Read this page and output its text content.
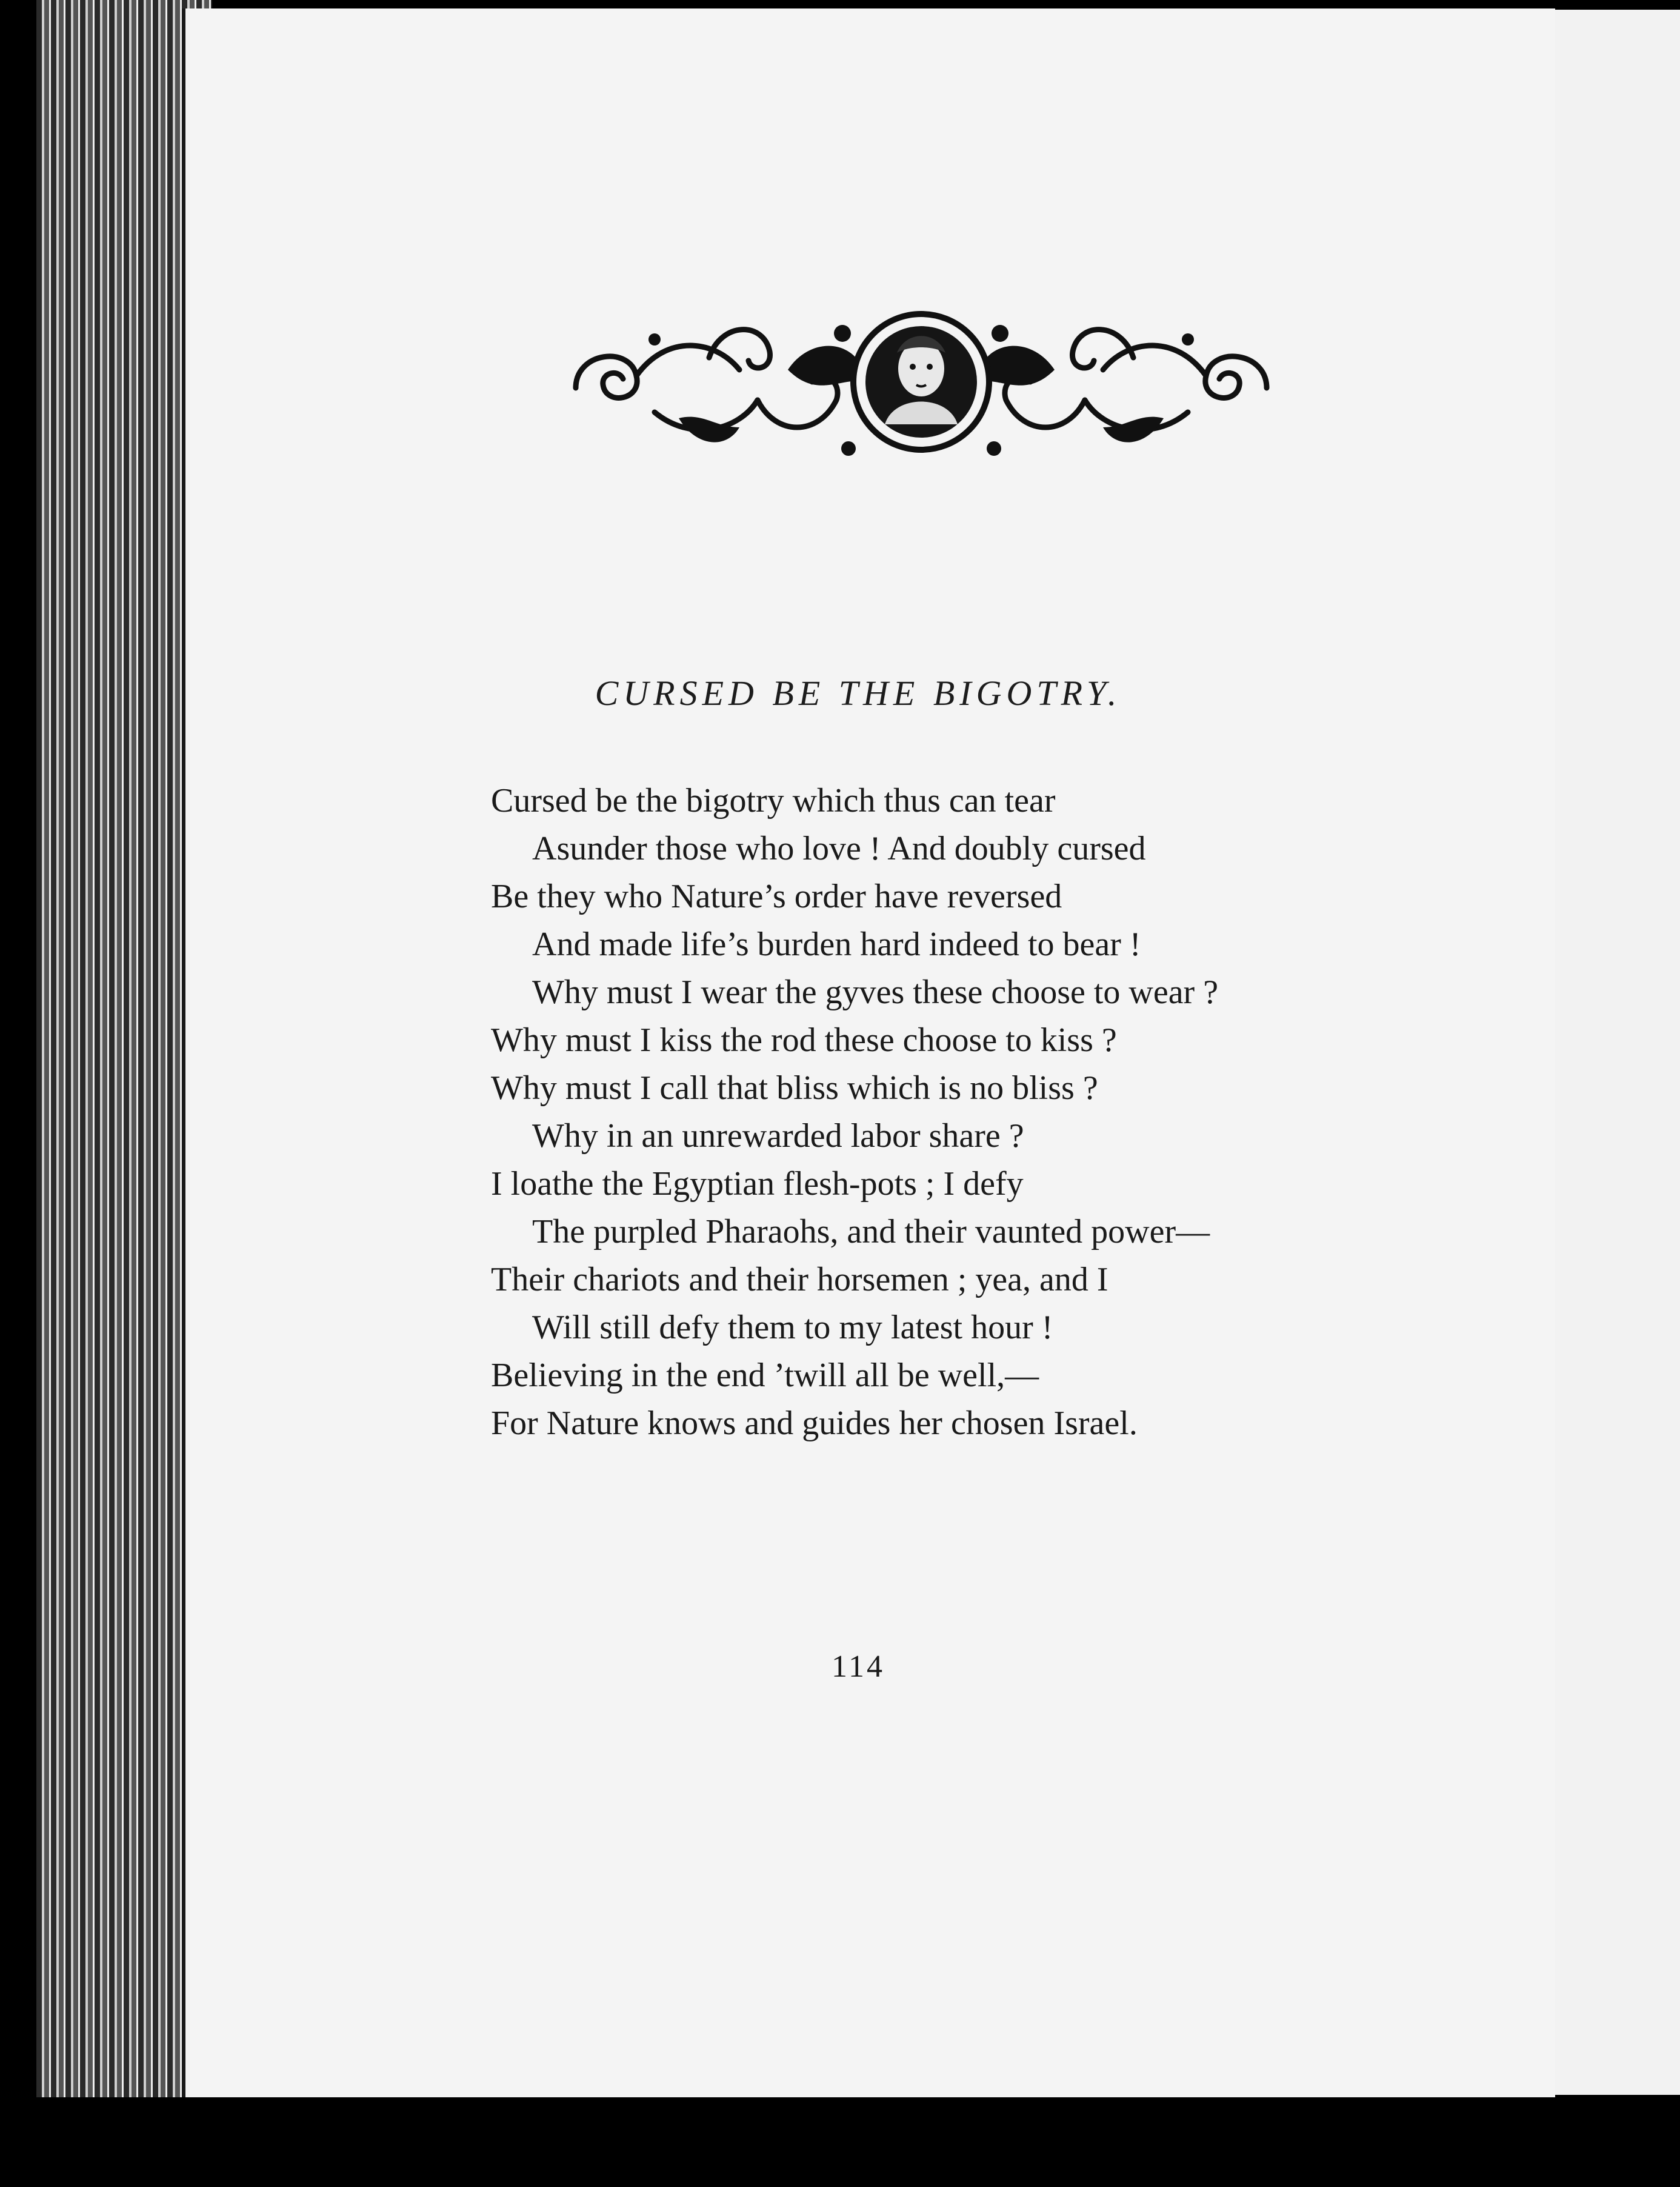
CURSED BE THE BIGOTRY.
Cursed be the bigotry which thus can tear
Asunder those who love ! And doubly cursed
Be they who Nature’s order have reversed
And made life’s burden hard indeed to bear !
Why must I wear the gyves these choose to wear ?
Why must I kiss the rod these choose to kiss ?
Why must I call that bliss which is no bliss ?
Why in an unrewarded labor share ?
I loathe the Egyptian flesh-pots ; I defy
The purpled Pharaohs, and their vaunted power—
Their chariots and their horsemen ; yea, and I
Will still defy them to my latest hour !
Believing in the end ’twill all be well,—
For Nature knows and guides her chosen Israel.
114
